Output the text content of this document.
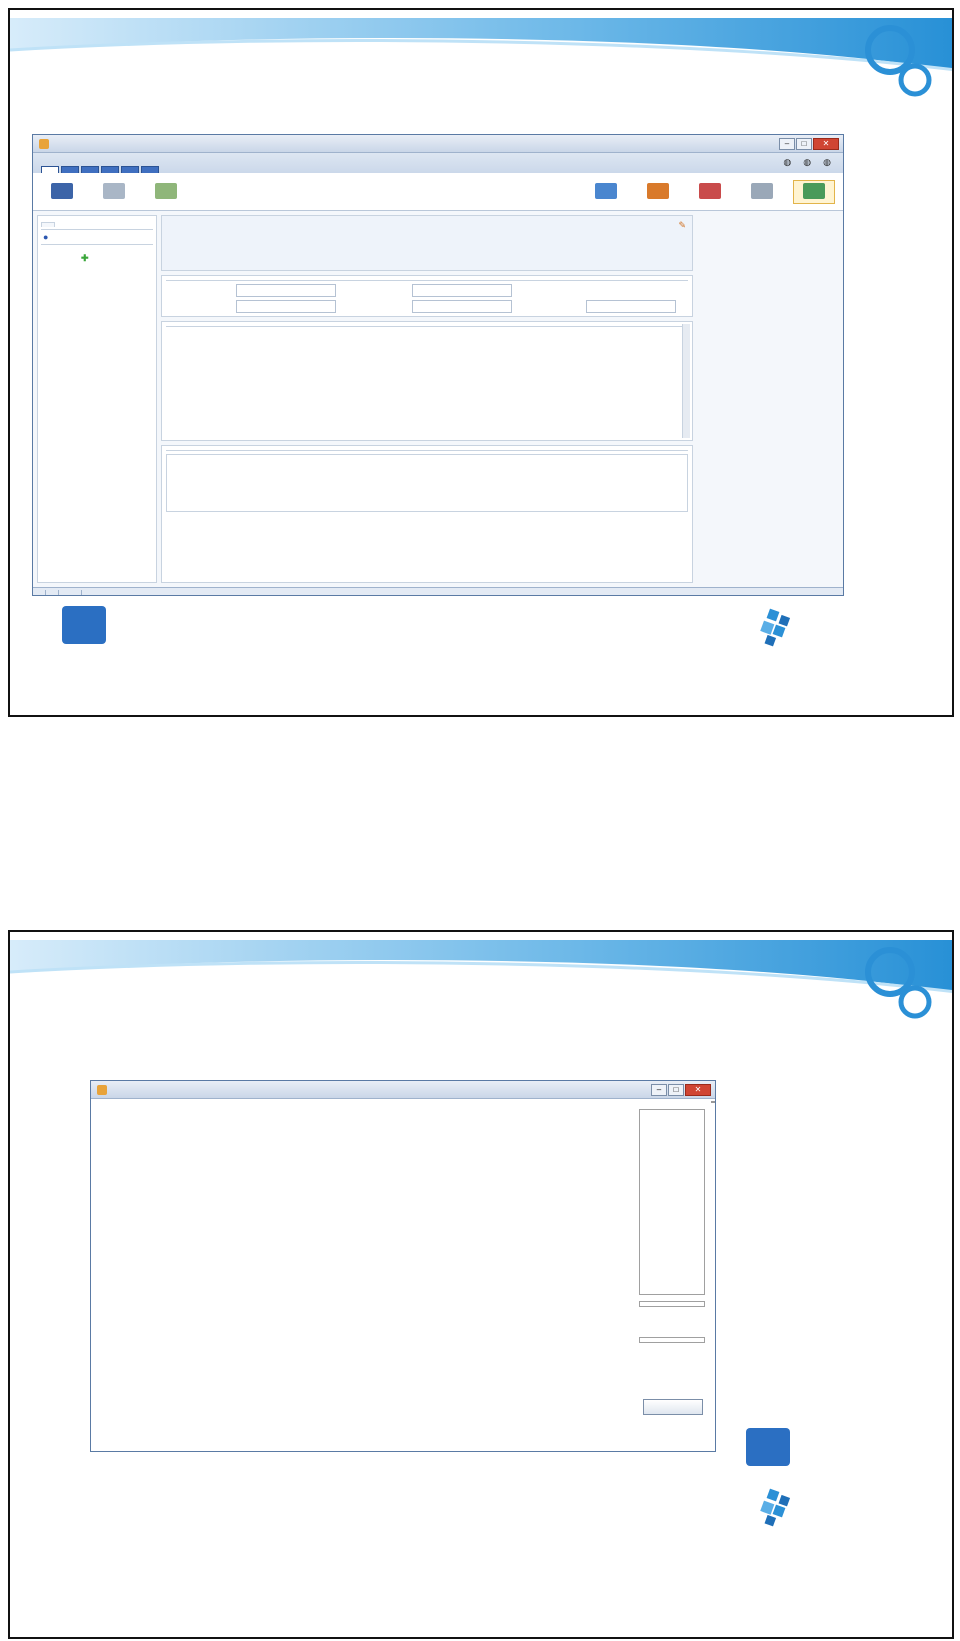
–	□	✕
◍ ◍ ◍
●
✚
✎
–	□	✕
